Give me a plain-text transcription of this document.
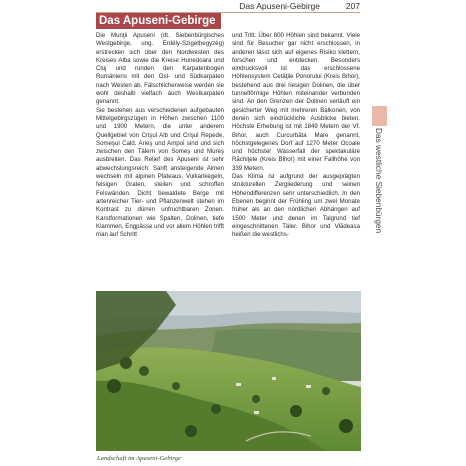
Das Apuseni-Gebirge	207
Das Apuseni-Gebirge

Die Munţii Apuseni (dt. Siebenbürgisches Westgebirge, ung. Erdély-Szigethegyzég) erstrecken sich über den Nordwesten des Kreises Alba sowie die Kreise Hunedoara und Cluj und runden den Karpatenbogen Rumäniens mit den Ost- und Südkarpaten nach Westen ab. Fälschlicherweise werden sie wohl deshalb vielfach auch Westkarpaten genannt.

Sie bestehen aus verschiedenen aufgebauten Mittelgebirgszügen in Höhen zwischen 1100 und 1900 Metern, die unter anderem Quellgebiet von Crişul Alb und Crişul Repede, Someşul Cald, Arieş und Ampoi sind und sich zwischen den Tälern von Someş und Mureş ausbreiten. Das Relief des Apuseni ist sehr abwechslungsreich: Sanft ansteigende Almen wechseln mit alpinen Plateaus, Vulkankegeln, felsigen Graten, steilen und schroffen Felswänden. Dicht bewaldete Berge mit artenreicher Tier- und Pflanzenwelt stehen im Kontrast zu dürren unfruchtbaren Zonen. Karstformationen wie Spalten, Dolinen, tiefe Klammen, Engpässe und vor allem Höhlen trifft man auf Schritt

und Tritt. Über 800 Höhlen sind bekannt. Viele sind für Besucher gar nicht erschlossen, in anderen lässt sich auf eigenes Risiko klettern, forschen und entdecken. Besonders eindrucksvoll ist das erschlossene Höhlensystem Cetăţile Ponorului (Kreis Bihor), bestehend aus drei riesigen Dolinen, die über tunnelförmige Höhlen miteinander verbunden sind. An den Grenzen der Dolinen verläuft ein gesicherter Weg mit mehreren Balkonen, von denen sich eindrückliche Ausblicke bieten. Höchste Erhebung ist mit 1849 Metern der Vf. Bihor, auch Curcurbăta Mare genannt, höchstgelegenes Dorf auf 1270 Meter Ocoale und höchster Wasserfall der spektakuläre Răchiţele (Kreis Bihor) mit einer Fallhöhe von 339 Metern.

Das Klima ist aufgrund der ausgeprägten strukturellen Zergliederung und seinen Höhendifferenzen sehr unterschiedlich. In den Ebenen beginnt der Frühling um zwei Monate früher als an den nördlichen Abhängen auf 1500 Meter und denen im Talgrund tief eingeschnittenen Täler. Bihor und Vlădeasa heißen die westlichs-

Das westliche Siebenbürgen
Landschaft im Apuseni-Gebirge
